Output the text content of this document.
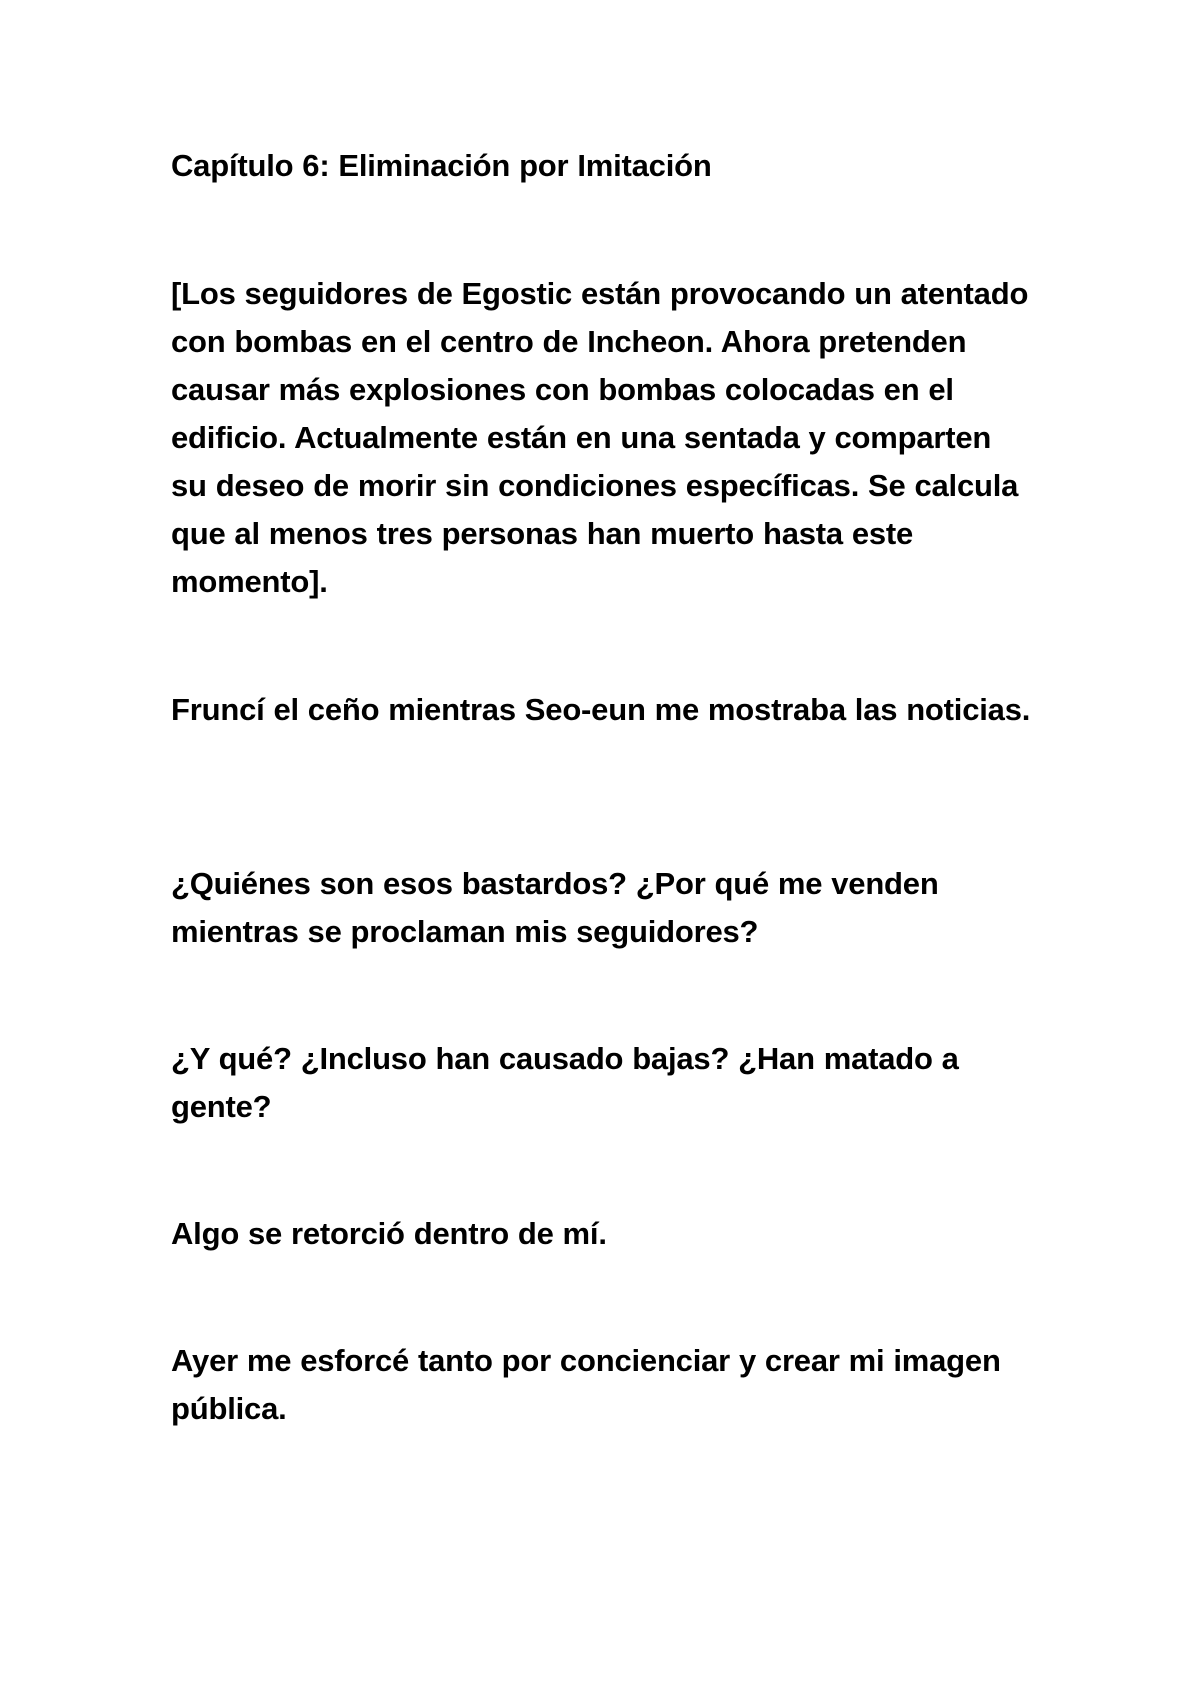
Capítulo 6: Eliminación por Imitación

[Los seguidores de Egostic están provocando un atentado con bombas en el centro de Incheon. Ahora pretenden causar más explosiones con bombas colocadas en el edificio. Actualmente están en una sentada y comparten su deseo de morir sin condiciones específicas. Se calcula que al menos tres personas han muerto hasta este momento].

Fruncí el ceño mientras Seo-eun me mostraba las noticias.

¿Quiénes son esos bastardos? ¿Por qué me venden mientras se proclaman mis seguidores?

¿Y qué? ¿Incluso han causado bajas? ¿Han matado a gente?

Algo se retorció dentro de mí.

Ayer me esforcé tanto por concienciar y crear mi imagen pública.
